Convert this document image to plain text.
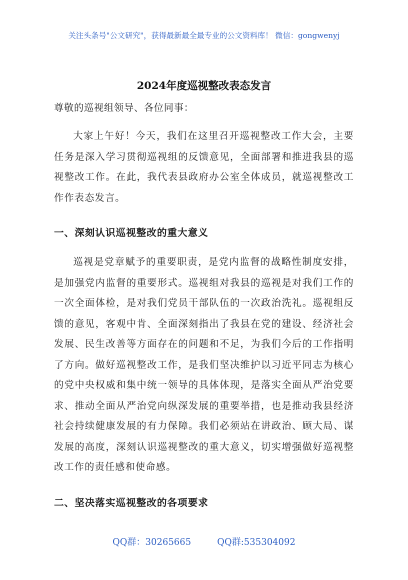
关注头条号"公文研究"，获得最新最全最专业的公文资料库！ 微信：gongwenyj
2024年度巡视整改表态发言

尊敬的巡视组领导、各位同事：

大家上午好！今天，我们在这里召开巡视整改工作大会，主要任务是深入学习贯彻巡视组的反馈意见，全面部署和推进我县的巡视整改工作。在此，我代表县政府办公室全体成员，就巡视整改工作作表态发言。

一、深刻认识巡视整改的重大意义

巡视是党章赋予的重要职责，是党内监督的战略性制度安排，是加强党内监督的重要形式。巡视组对我县的巡视是对我们工作的一次全面体检，是对我们党员干部队伍的一次政治洗礼。巡视组反馈的意见，客观中肯、全面深刻指出了我县在党的建设、经济社会发展、民生改善等方面存在的问题和不足，为我们今后的工作指明了方向。做好巡视整改工作，是我们坚决维护以习近平同志为核心的党中央权威和集中统一领导的具体体现，是落实全面从严治党要求、推动全面从严治党向纵深发展的重要举措，也是推动我县经济社会持续健康发展的有力保障。我们必须站在讲政治、顾大局、谋发展的高度，深刻认识巡视整改的重大意义，切实增强做好巡视整改工作的责任感和使命感。

二、坚决落实巡视整改的各项要求
QQ群：30265665	QQ群:535304092
